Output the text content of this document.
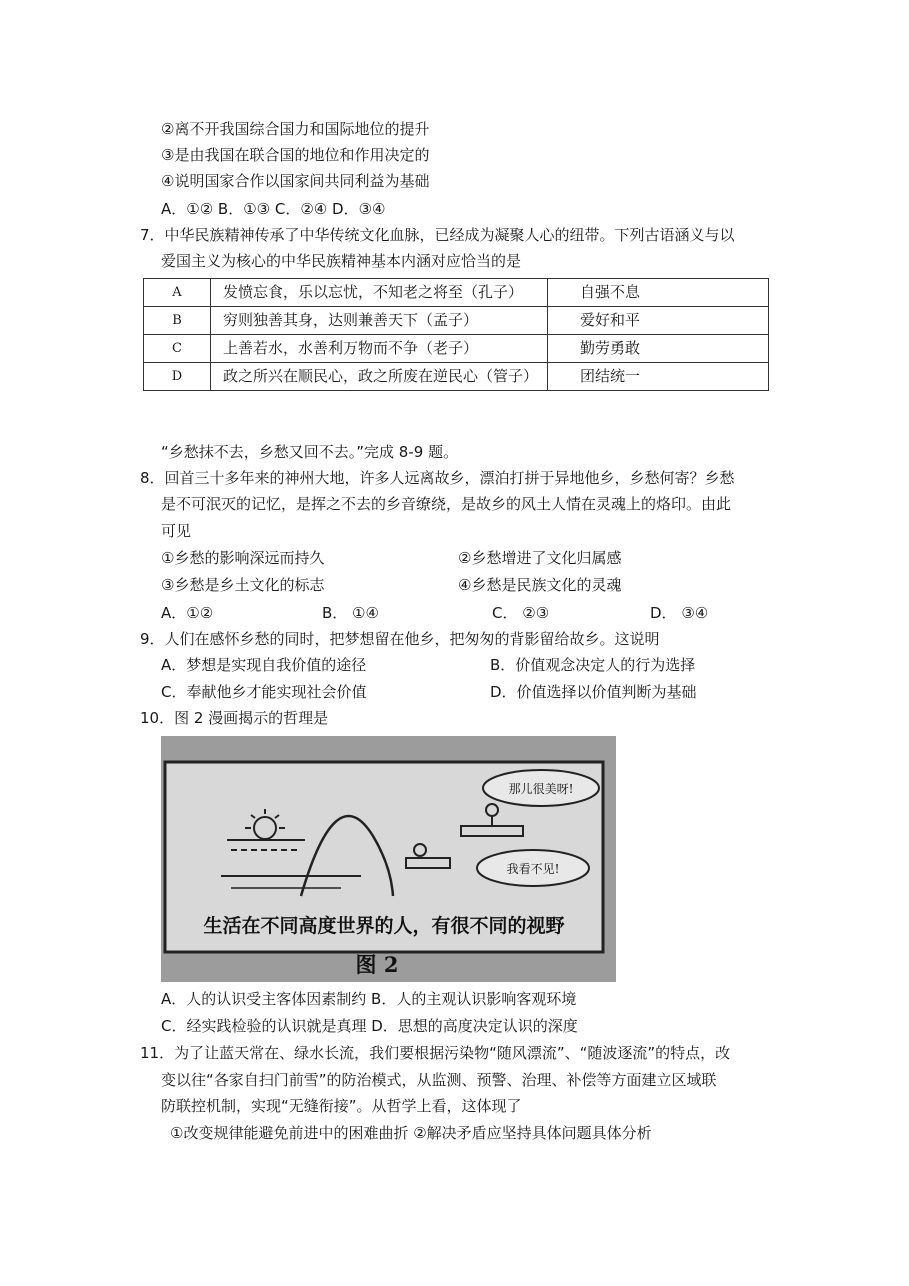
②离不开我国综合国力和国际地位的提升
③是由我国在联合国的地位和作用决定的
④说明国家合作以国家间共同利益为基础
A．①② B．①③ C．②④ D．③④
7．中华民族精神传承了中华传统文化血脉，已经成为凝聚人心的纽带。下列古语涵义与以
爱国主义为核心的中华民族精神基本内涵对应恰当的是
A	发愤忘食，乐以忘忧，不知老之将至（孔子）	自强不息
B	穷则独善其身，达则兼善天下（孟子）	爱好和平
C	上善若水，水善利万物而不争（老子）	勤劳勇敢
D	政之所兴在顺民心，政之所废在逆民心（管子）	团结统一
“乡愁抹不去，乡愁又回不去。”完成 8-9 题。
8．回首三十多年来的神州大地，许多人远离故乡，漂泊打拼于异地他乡，乡愁何寄？乡愁
是不可泯灭的记忆，是挥之不去的乡音缭绕，是故乡的风土人情在灵魂上的烙印。由此
可见
①乡愁的影响深远而持久	②乡愁增进了文化归属感
③乡愁是乡土文化的标志	④乡愁是民族文化的灵魂
A．①②	B． ①④	C． ②③	D． ③④
9．人们在感怀乡愁的同时，把梦想留在他乡，把匆匆的背影留给故乡。这说明
A．梦想是实现自我价值的途径	B．价值观念决定人的行为选择
C．奉献他乡才能实现社会价值	D．价值选择以价值判断为基础
10．图 2 漫画揭示的哲理是
那儿很美呀!
我看不见!
生活在不同高度世界的人，有很不同的视野
图 2
A．人的认识受主客体因素制约 B．人的主观认识影响客观环境
C．经实践检验的认识就是真理 D．思想的高度决定认识的深度
11．为了让蓝天常在、绿水长流，我们要根据污染物“随风漂流”、“随波逐流”的特点，改
变以往“各家自扫门前雪”的防治模式，从监测、预警、治理、补偿等方面建立区域联
防联控机制，实现“无缝衔接”。从哲学上看，这体现了
①改变规律能避免前进中的困难曲折 ②解决矛盾应坚持具体问题具体分析
